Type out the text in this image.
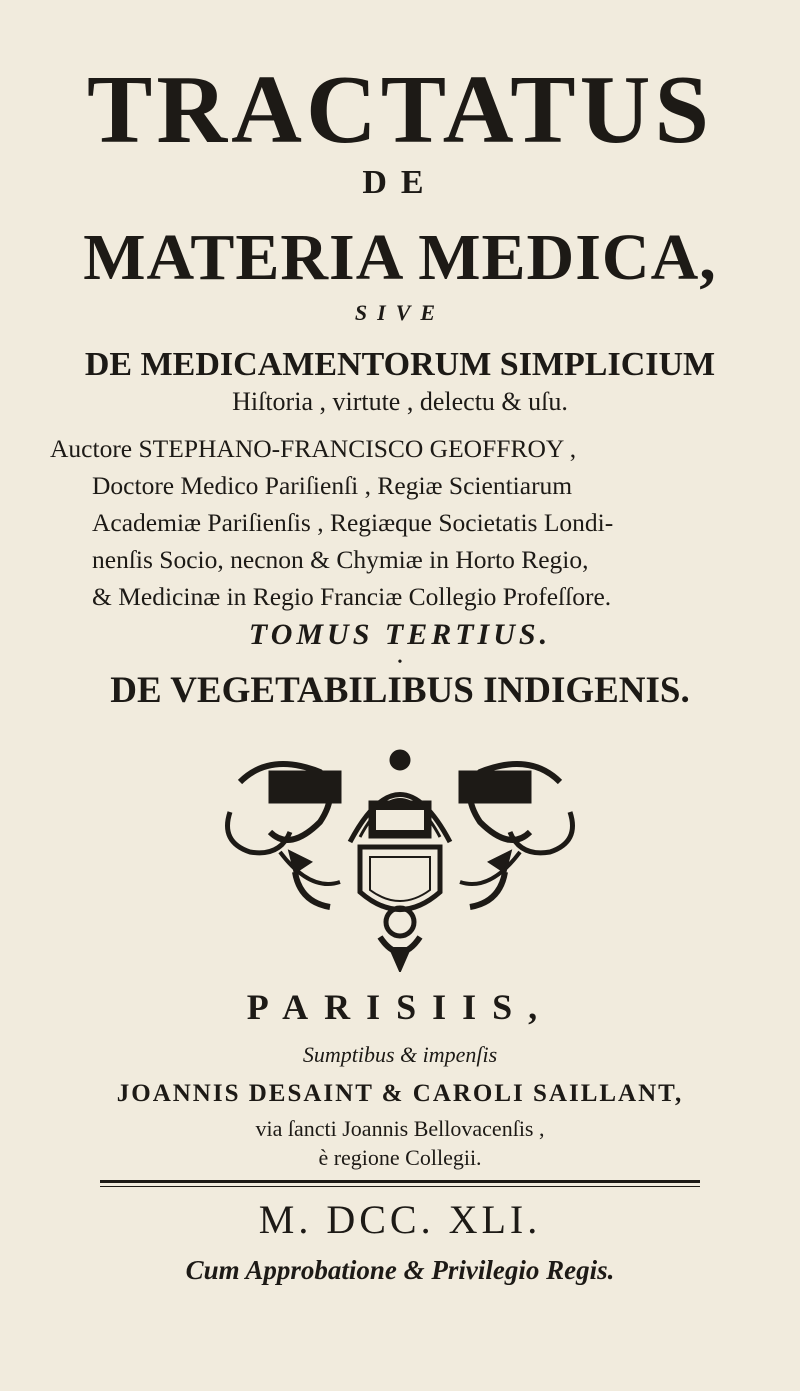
TRACTATUS
DE
MATERIA MEDICA,
SIVE
DE MEDICAMENTORUM SIMPLICIUM
Hiſtoria , virtute , delectu & uſu.
Auctore STEPHANO-FRANCISCO GEOFFROY ,
Doctore Medico Pariſienſi , Regiæ Scientiarum
Academiæ Pariſienſis , Regiæque Societatis Londi-
nenſis Socio, necnon & Chymiæ in Horto Regio,
& Medicinæ in Regio Franciæ Collegio Profeſſore.
TOMUS TERTIUS.
•
DE VEGETABILIBUS INDIGENIS.
PARISIIS,
Sumptibus & impenſis
JOANNIS DESAINT & CAROLI SAILLANT,
via ſancti Joannis Bellovacenſis ,
è regione Collegii.
M. DCC. XLI.
Cum Approbatione & Privilegio Regis.
